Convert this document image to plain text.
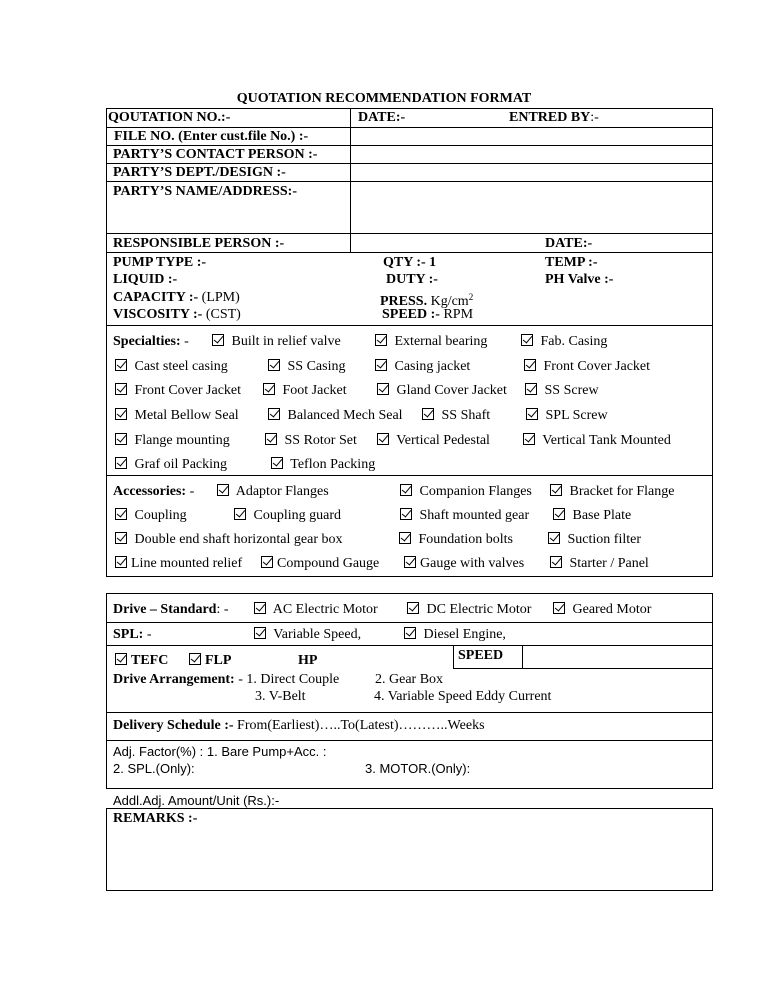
QUOTATION RECOMMENDATION FORMAT
QOUTATION NO.:-	DATE:-	ENTRED BY:-
FILE NO. (Enter cust.file No.) :-
PARTY’S CONTACT PERSON :-
PARTY’S DEPT./DESIGN :-
PARTY’S NAME/ADDRESS:-
RESPONSIBLE PERSON :-	DATE:-
PUMP TYPE :-	QTY :- 1	TEMP :-
LIQUID :-	DUTY :-	PH Valve :-
CAPACITY :- (LPM)	PRESS. $Kg/cm^2$
VISCOSITY :- (CST)	SPEED :- RPM
Specialties: -	Built in relief valve	External bearing	Fab. Casing
Cast steel casing	SS Casing	Casing jacket	Front Cover Jacket
Front Cover Jacket	Foot Jacket	Gland Cover Jacket	SS Screw
Metal Bellow Seal	Balanced Mech Seal	SS Shaft	SPL Screw
Flange mounting	SS Rotor Set	Vertical Pedestal	Vertical Tank Mounted
Graf oil Packing	Teflon Packing
Accessories: -	Adaptor Flanges	Companion Flanges	Bracket for Flange
Coupling	Coupling guard	Shaft mounted gear	Base Plate
Double end shaft horizontal gear box	Foundation bolts	Suction filter
Line mounted relief	Compound Gauge	Gauge with valves	Starter / Panel
Drive – Standard: -	AC Electric Motor	DC Electric Motor	Geared Motor
SPL: -	Variable Speed,	Diesel Engine,
TEFC	FLP	HP	SPEED
Drive Arrangement: - 1. Direct Couple	2. Gear Box
3. V-Belt	4. Variable Speed Eddy Current
Delivery Schedule :- From(Earliest)…..To(Latest)………..Weeks
Adj. Factor(%) : 1. Bare Pump+Acc. :
2. SPL.(Only):	3. MOTOR.(Only):
Addl.Adj. Amount/Unit (Rs.):-
REMARKS :-
